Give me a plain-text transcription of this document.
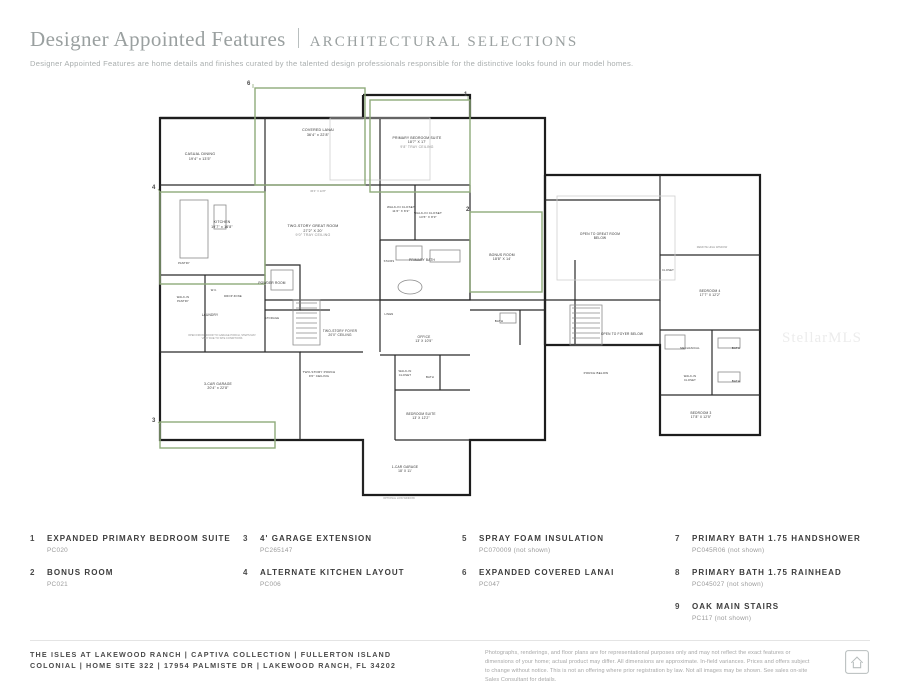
Designer Appointed Features ARCHITECTURAL SELECTIONS
Designer Appointed Features are home details and finishes curated by the talented design professionals responsible for the distinctive looks found in our model homes.
CASUAL DINING
19'4" x 13'5"
COVERED LANAI
36'4" x 22'8"
PRIMARY BEDROOM SUITE
18'7" X 17'
9'8" TRAY CEILING
TWO-STORY GREAT ROOM
27'2" X 20'
9'0" TRAY CEILING
KITCHEN
19'7" x 16'8"
WALK-IN CLOSET
11'6" X 8'2"
WALK-IN CLOSET
13'6" X 8'3"
PRIMARY BATH
BONUS ROOM
18'8" X 14'
OPEN TO GREAT ROOM BELOW
OPEN TO FOYER BELOW
BEDROOM 4
17'7" X 12'2"
BEDROOM 3
17'8" X 12'5"
BATH
BATH
BATH
PORCH BELOW
POWDER ROOM
LAUNDRY
TWO-STORY FOYER
20'0" CEILING	OFFICE
13' X 10'5"
TWO-STORY PORCH
9'0" CEILING
3-CAR GARAGE
20'4" x 22'8"
1-CAR GARAGE
18' X 11'
BEDROOM SUITE
13' X 12'2"
WALK-IN CLOSET
BATH
MECHANICAL
WALK-IN CLOSET
CLOSET
STAIRS
PANTRY
WALK-IN PANTRY
STORAGE
LINEN
DROP ZONE
W.C.
OPEN FRONT DOOR TO GARAGE PORCH, STEPS MAY VARY DUE TO SITE CONDITIONS
OPTIONAL LOW WINDOW
REMOTE HIGH WINDOW
36'4" X 22'8"
1
2
3
4
6
StellarMLS
1 EXPANDED PRIMARY BEDROOM SUITE
PC020
2 BONUS ROOM
PC021
3 4' GARAGE EXTENSION
PC265147
4 ALTERNATE KITCHEN LAYOUT
PC006
5 SPRAY FOAM INSULATION
PC070009 (not shown)
6 EXPANDED COVERED LANAI
PC047
7 PRIMARY BATH 1.75 HANDSHOWER
PC045R06 (not shown)
8 PRIMARY BATH 1.75 RAINHEAD
PC045027 (not shown)
9 OAK MAIN STAIRS
PC117 (not shown)
THE ISLES AT LAKEWOOD RANCH | CAPTIVA COLLECTION | FULLERTON ISLAND
COLONIAL | HOME SITE 322 | 17954 PALMISTE DR | LAKEWOOD RANCH, FL 34202
Photographs, renderings, and floor plans are for representational purposes only and may not reflect the exact features or dimensions of your home; actual product may differ. All dimensions are approximate. In-field variances. Prices and offers subject to change without notice. This is not an offering where prior registration by law. Not all images may be shown. See sales on-site Sales Consultant for details.
